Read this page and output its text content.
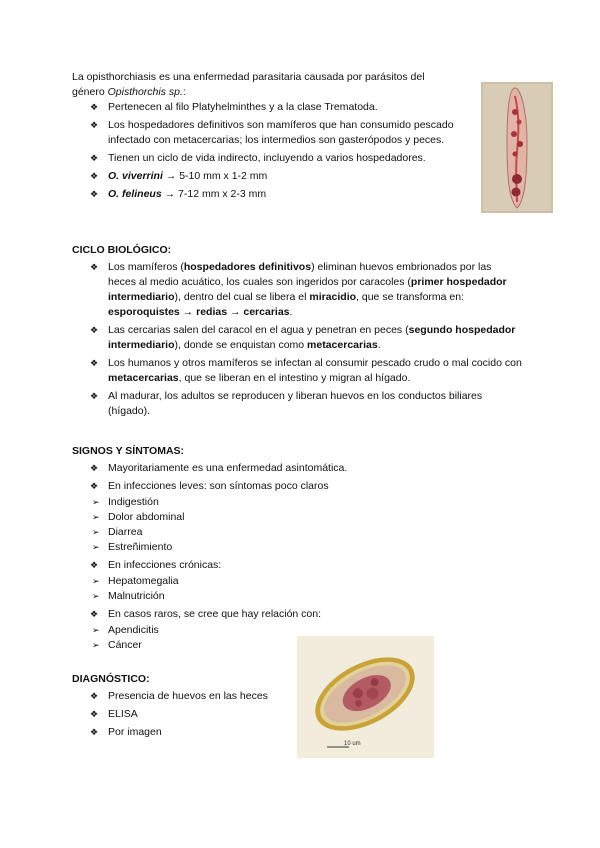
La opisthorchiasis es una enfermedad parasitaria causada por parásitos del
género Opisthorchis sp.:
❖ Pertenecen al filo Platyhelminthes y a la clase Trematoda.
❖ Los hospedadores definitivos son mamíferos que han consumido pescado infectado con metacercarias; los intermedios son gasterópodos y peces.
❖ Tienen un ciclo de vida indirecto, incluyendo a varios hospedadores.
❖ O. viverrini → 5-10 mm x 1-2 mm
❖ O. felineus → 7-12 mm x 2-3 mm
CICLO BIOLÓGICO:
❖ Los mamíferos (hospedadores definitivos) eliminan huevos embrionados por las heces al medio acuático, los cuales son ingeridos por caracoles (primer hospedador intermediario), dentro del cual se libera el miracidio, que se transforma en: esporoquistes → redias → cercarias.
❖ Las cercarias salen del caracol en el agua y penetran en peces (segundo hospedador intermediario), donde se enquistan como metacercarias.
❖ Los humanos y otros mamíferos se infectan al consumir pescado crudo o mal cocido con metacercarias, que se liberan en el intestino y migran al hígado.
❖ Al madurar, los adultos se reproducen y liberan huevos en los conductos biliares (hígado).
SIGNOS Y SÍNTOMAS:
❖ Mayoritariamente es una enfermedad asintomática.
❖ En infecciones leves: son síntomas poco claros
➢ Indigestión
➢ Dolor abdominal
➢ Diarrea
➢ Estreñimiento
❖ En infecciones crónicas:
➢ Hepatomegalia
➢ Malnutrición
❖ En casos raros, se cree que hay relación con:
➢ Apendicitis
➢ Cáncer
DIAGNÓSTICO:
❖ Presencia de huevos en las heces
❖ ELISA
❖ Por imagen
10 um
